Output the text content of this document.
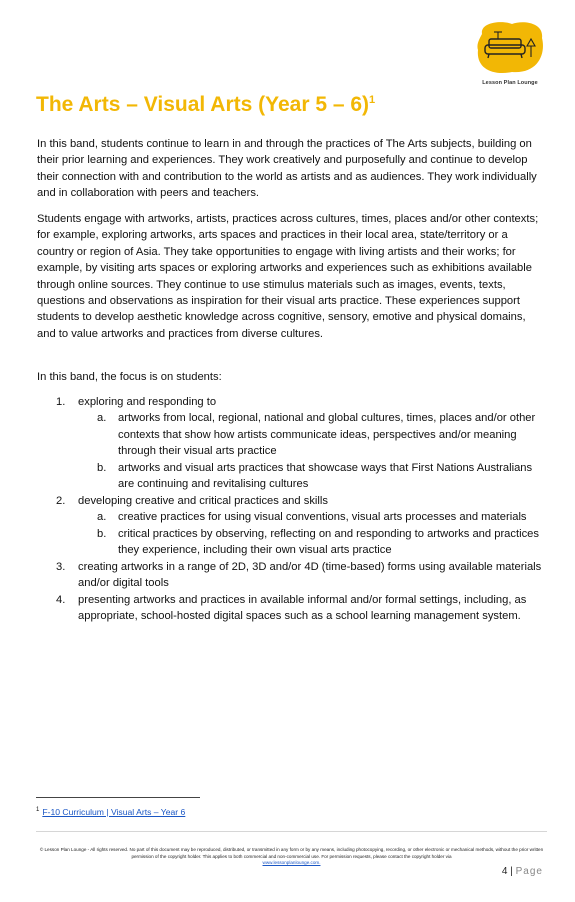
Lesson Plan Lounge
The Arts – Visual Arts (Year 5 – 6)$^1$

In this band, students continue to learn in and through the practices of The Arts subjects, building on their prior learning and experiences. They work creatively and purposefully and continue to develop their connection with and contribution to the world as artists and as audiences. They work individually and in collaboration with peers and teachers.

Students engage with artworks, artists, practices across cultures, times, places and/or other contexts; for example, exploring artworks, arts spaces and practices in their local area, state/territory or a country or region of Asia. They take opportunities to engage with living artists and their works; for example, by visiting arts spaces or exploring artworks and experiences such as exhibitions available through online sources. They continue to use stimulus materials such as images, events, texts, questions and observations as inspiration for their visual arts practice. These experiences support students to develop aesthetic knowledge across cognitive, sensory, emotive and physical domains, and to value artworks and practices from diverse cultures.

In this band, the focus is on students:

1. exploring and responding to
a. artworks from local, regional, national and global cultures, times, places and/or other contexts that show how artists communicate ideas, perspectives and/or meaning through their visual arts practice
b. artworks and visual arts practices that showcase ways that First Nations Australians are continuing and revitalising cultures
2. developing creative and critical practices and skills
a. creative practices for using visual conventions, visual arts processes and materials
b. critical practices by observing, reflecting on and responding to artworks and practices they experience, including their own visual arts practice
3. creating artworks in a range of 2D, 3D and/or 4D (time-based) forms using available materials and/or digital tools
4. presenting artworks and practices in available informal and/or formal settings, including, as appropriate, school-hosted digital spaces such as a school learning management system.
$^1$ F-10 Curriculum | Visual Arts – Year 6
© Lesson Plan Lounge - All rights reserved. No part of this document may be reproduced, distributed, or transmitted in any form or by any means, including photocopying, recording, or other electronic or mechanical methods, without the prior written permission of the copyright holder. This applies to both commercial and non-commercial use. For permission requests, please contact the copyright holder via
www.lessonplanlounge.com.
4 | Page
